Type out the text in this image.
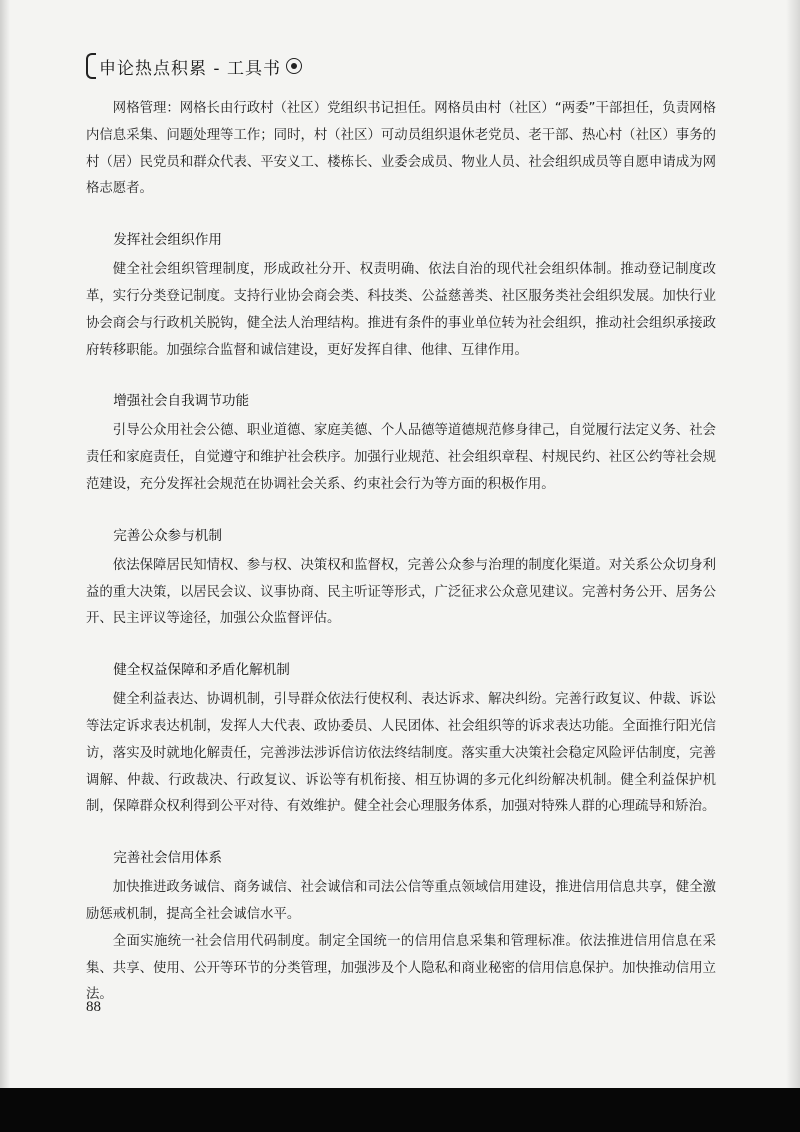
申论热点积累 - 工具书

网格管理：网格长由行政村（社区）党组织书记担任。网格员由村（社区）“两委”干部担任，负责网格内信息采集、问题处理等工作；同时，村（社区）可动员组织退休老党员、老干部、热心村（社区）事务的村（居）民党员和群众代表、平安义工、楼栋长、业委会成员、物业人员、社会组织成员等自愿申请成为网格志愿者。

发挥社会组织作用

健全社会组织管理制度，形成政社分开、权责明确、依法自治的现代社会组织体制。推动登记制度改革，实行分类登记制度。支持行业协会商会类、科技类、公益慈善类、社区服务类社会组织发展。加快行业协会商会与行政机关脱钩，健全法人治理结构。推进有条件的事业单位转为社会组织，推动社会组织承接政府转移职能。加强综合监督和诚信建设，更好发挥自律、他律、互律作用。

增强社会自我调节功能

引导公众用社会公德、职业道德、家庭美德、个人品德等道德规范修身律己，自觉履行法定义务、社会责任和家庭责任，自觉遵守和维护社会秩序。加强行业规范、社会组织章程、村规民约、社区公约等社会规范建设，充分发挥社会规范在协调社会关系、约束社会行为等方面的积极作用。

完善公众参与机制

依法保障居民知情权、参与权、决策权和监督权，完善公众参与治理的制度化渠道。对关系公众切身利益的重大决策，以居民会议、议事协商、民主听证等形式，广泛征求公众意见建议。完善村务公开、居务公开、民主评议等途径，加强公众监督评估。

健全权益保障和矛盾化解机制

健全利益表达、协调机制，引导群众依法行使权利、表达诉求、解决纠纷。完善行政复议、仲裁、诉讼等法定诉求表达机制，发挥人大代表、政协委员、人民团体、社会组织等的诉求表达功能。全面推行阳光信访，落实及时就地化解责任，完善涉法涉诉信访依法终结制度。落实重大决策社会稳定风险评估制度，完善调解、仲裁、行政裁决、行政复议、诉讼等有机衔接、相互协调的多元化纠纷解决机制。健全利益保护机制，保障群众权利得到公平对待、有效维护。健全社会心理服务体系，加强对特殊人群的心理疏导和矫治。

完善社会信用体系

加快推进政务诚信、商务诚信、社会诚信和司法公信等重点领域信用建设，推进信用信息共享，健全激励惩戒机制，提高全社会诚信水平。

全面实施统一社会信用代码制度。制定全国统一的信用信息采集和管理标准。依法推进信用信息在采集、共享、使用、公开等环节的分类管理，加强涉及个人隐私和商业秘密的信用信息保护。加快推动信用立法。

88
